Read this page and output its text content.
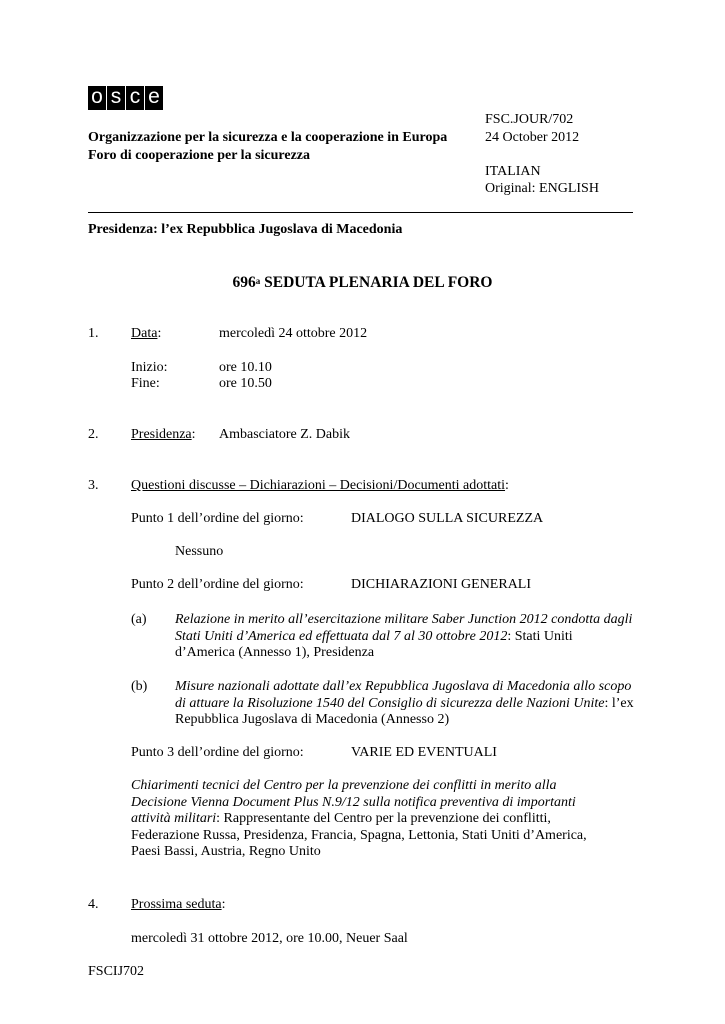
o s c e
Organizzazione per la sicurezza e la cooperazione in Europa
Foro di cooperazione per la sicurezza
FSC.JOUR/702
24 October 2012
ITALIAN
Original: ENGLISH
Presidenza: l’ex Repubblica Jugoslava di Macedonia
696$^a$ SEDUTA PLENARIA DEL FORO
1. Data:	mercoledì 24 ottobre 2012
Inizio:	ore 10.10
Fine:	ore 10.50
2. Presidenza: Ambasciatore Z. Dabik
3. Questioni discusse – Dichiarazioni – Decisioni/Documenti adottati:
Punto 1 dell’ordine del giorno:	DIALOGO SULLA SICUREZZA
Nessuno
Punto 2 dell’ordine del giorno:	DICHIARAZIONI GENERALI
(a) Relazione in merito all’esercitazione militare Saber Junction 2012 condotta dagli Stati Uniti d’America ed effettuata dal 7 al 30 ottobre 2012: Stati Uniti d’America (Annesso 1), Presidenza
(b) Misure nazionali adottate dall’ex Repubblica Jugoslava di Macedonia allo scopo di attuare la Risoluzione 1540 del Consiglio di sicurezza delle Nazioni Unite: l’ex Repubblica Jugoslava di Macedonia (Annesso 2)
Punto 3 dell’ordine del giorno:	VARIE ED EVENTUALI
Chiarimenti tecnici del Centro per la prevenzione dei conflitti in merito alla Decisione Vienna Document Plus N.9/12 sulla notifica preventiva di importanti attività militari: Rappresentante del Centro per la prevenzione dei conflitti, Federazione Russa, Presidenza, Francia, Spagna, Lettonia, Stati Uniti d’America, Paesi Bassi, Austria, Regno Unito
4. Prossima seduta:
mercoledì 31 ottobre 2012, ore 10.00, Neuer Saal
FSCIJ702
